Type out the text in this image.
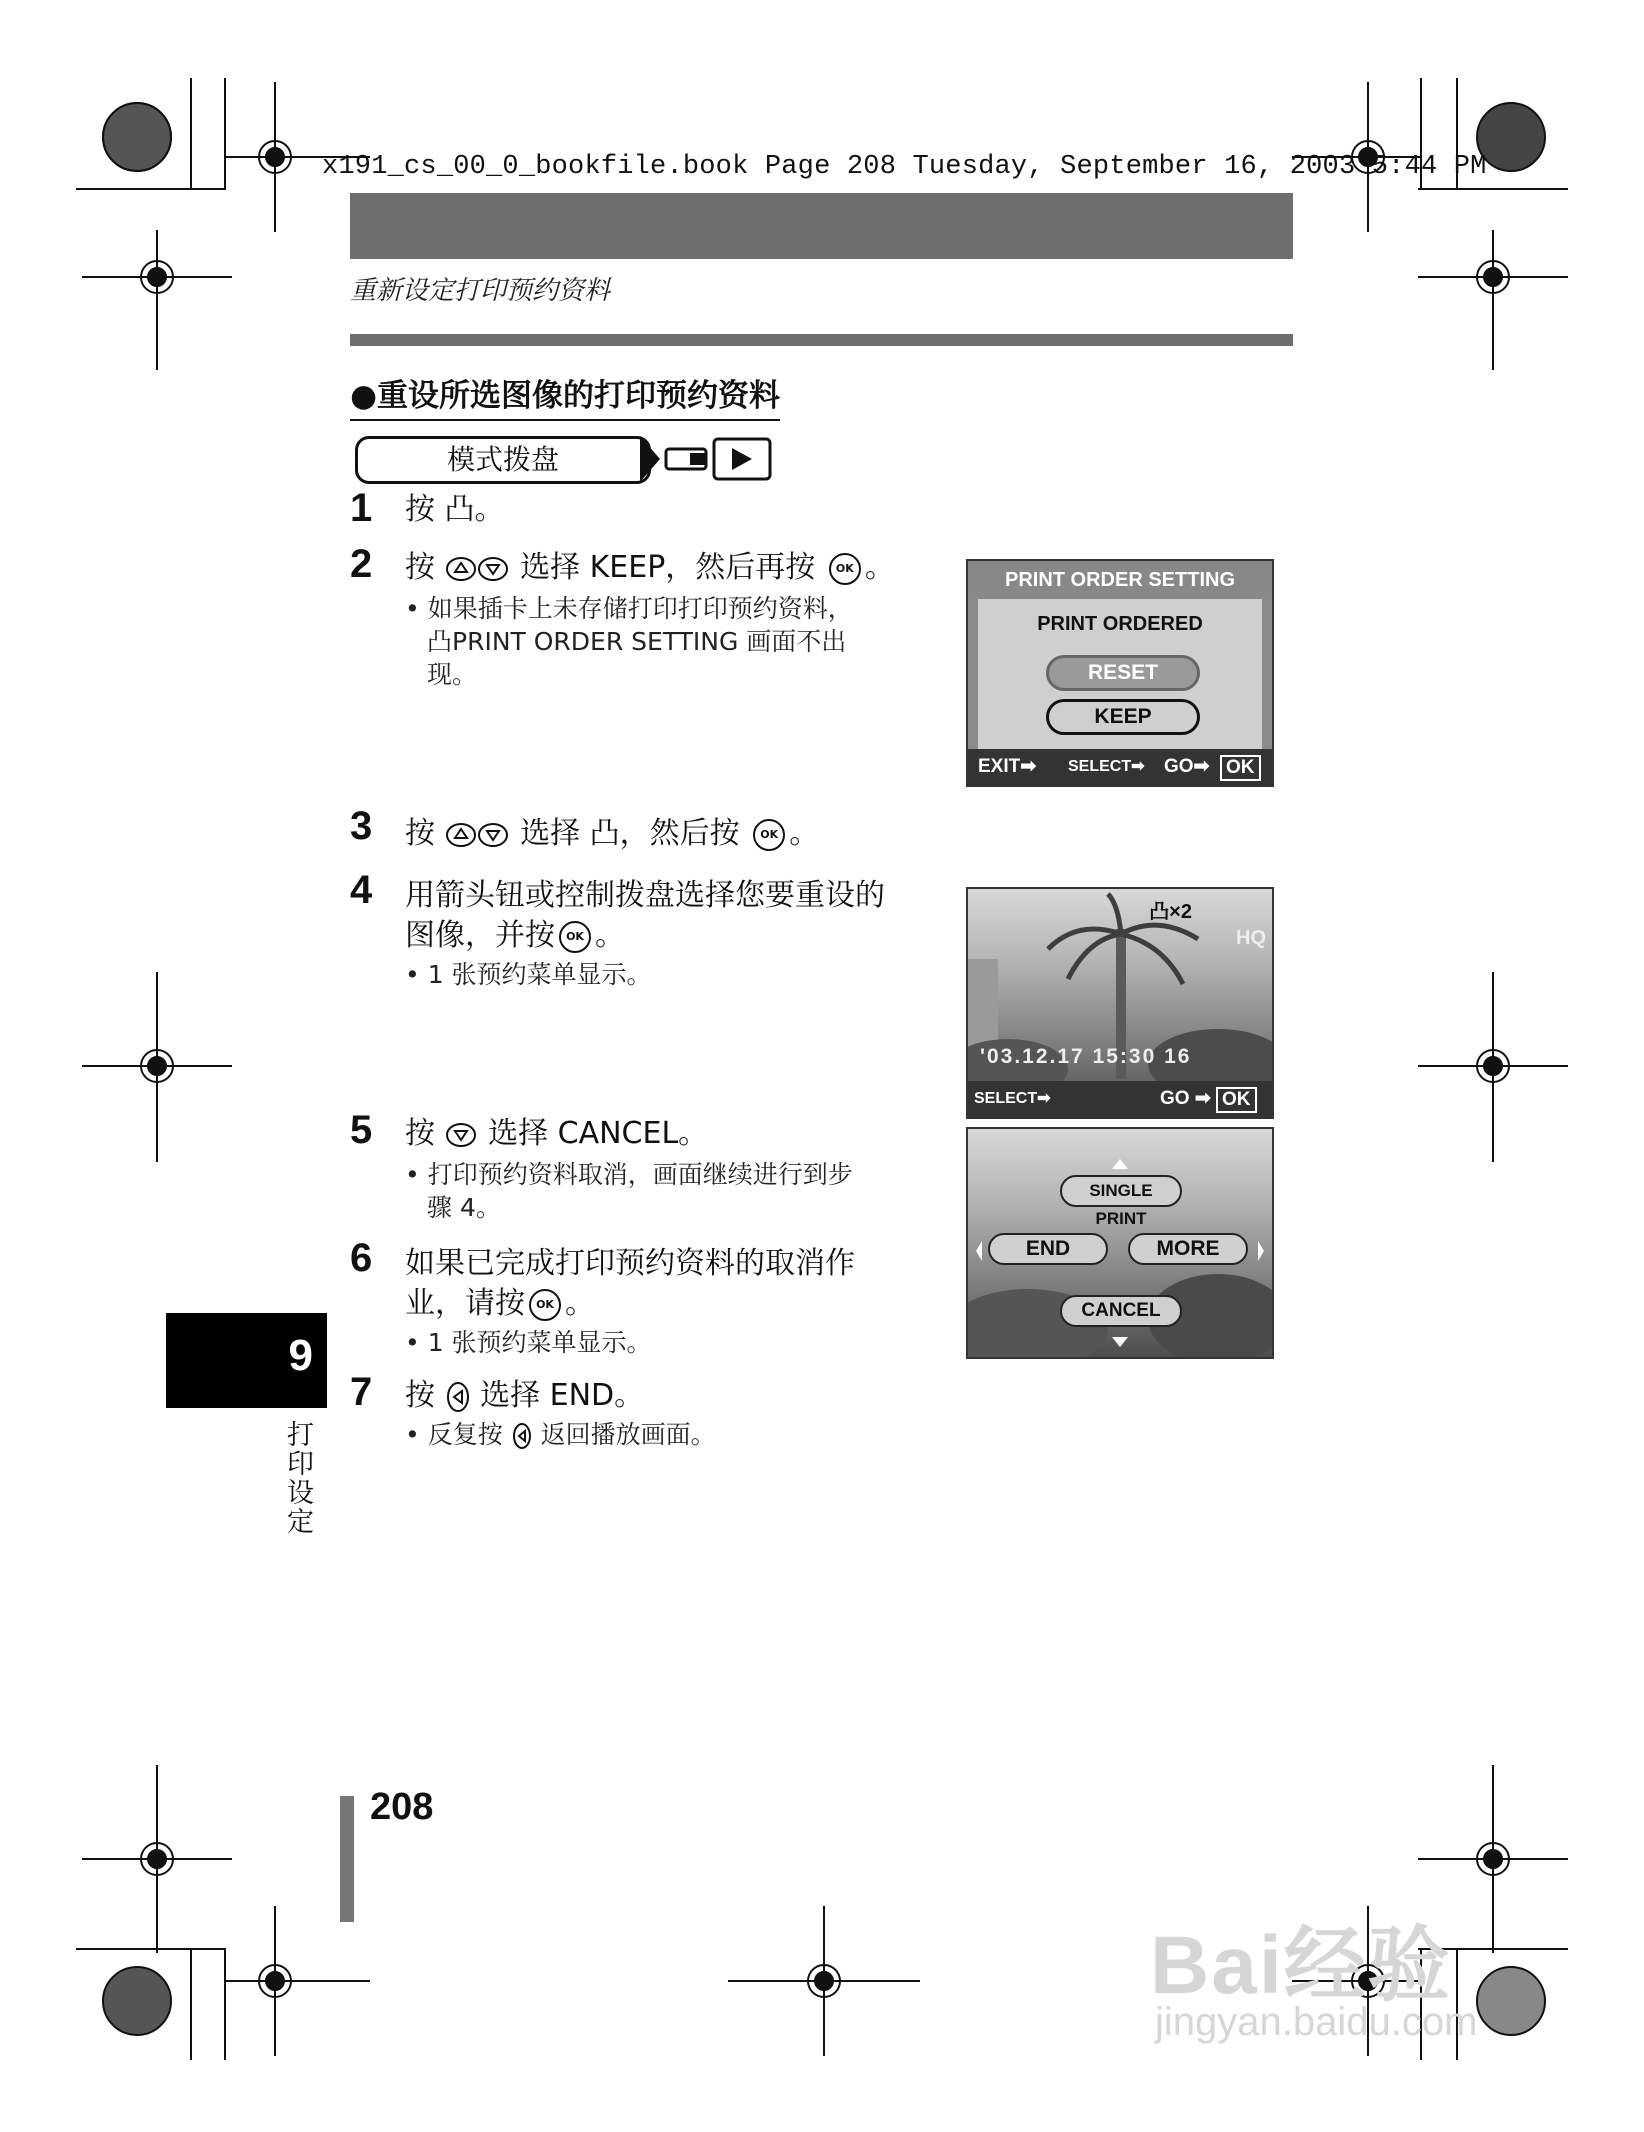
x191_cs_00_0_bookfile.book Page 208 Tuesday, September 16, 2003 5:44 PM
重新设定打印预约资料
●重设所选图像的打印预约资料
模式拨盘
1 按 凸。
2 按	选择 KEEP，然后再按 OK 。
• 如果插卡上未存储打印打印预约资料，
凸PRINT ORDER SETTING 画面不出
现。
PRINT ORDER SETTING
PRINT ORDERED
RESET
KEEP
EXIT➡ SELECT➡ GO➡ OK
3 按	选择 凸，然后按 OK 。
4 用箭头钮或控制拨盘选择您要重设的
图像，并按 OK 。
• 1 张预约菜单显示。
凸×2
HQ
'03.12.17 15:30 16
SELECT➡	GO ➡ OK
SINGLE PRINT
END	MORE
CANCEL
5 按 选择 CANCEL。
• 打印预约资料取消，画面继续进行到步
骤 4。
6 如果已完成打印预约资料的取消作
业，请按 OK 。
• 1 张预约菜单显示。
7 按 选择 END。
• 反复按 返回播放画面。
9
打印设定
208
Bai经验
jingyan.baidu.com
